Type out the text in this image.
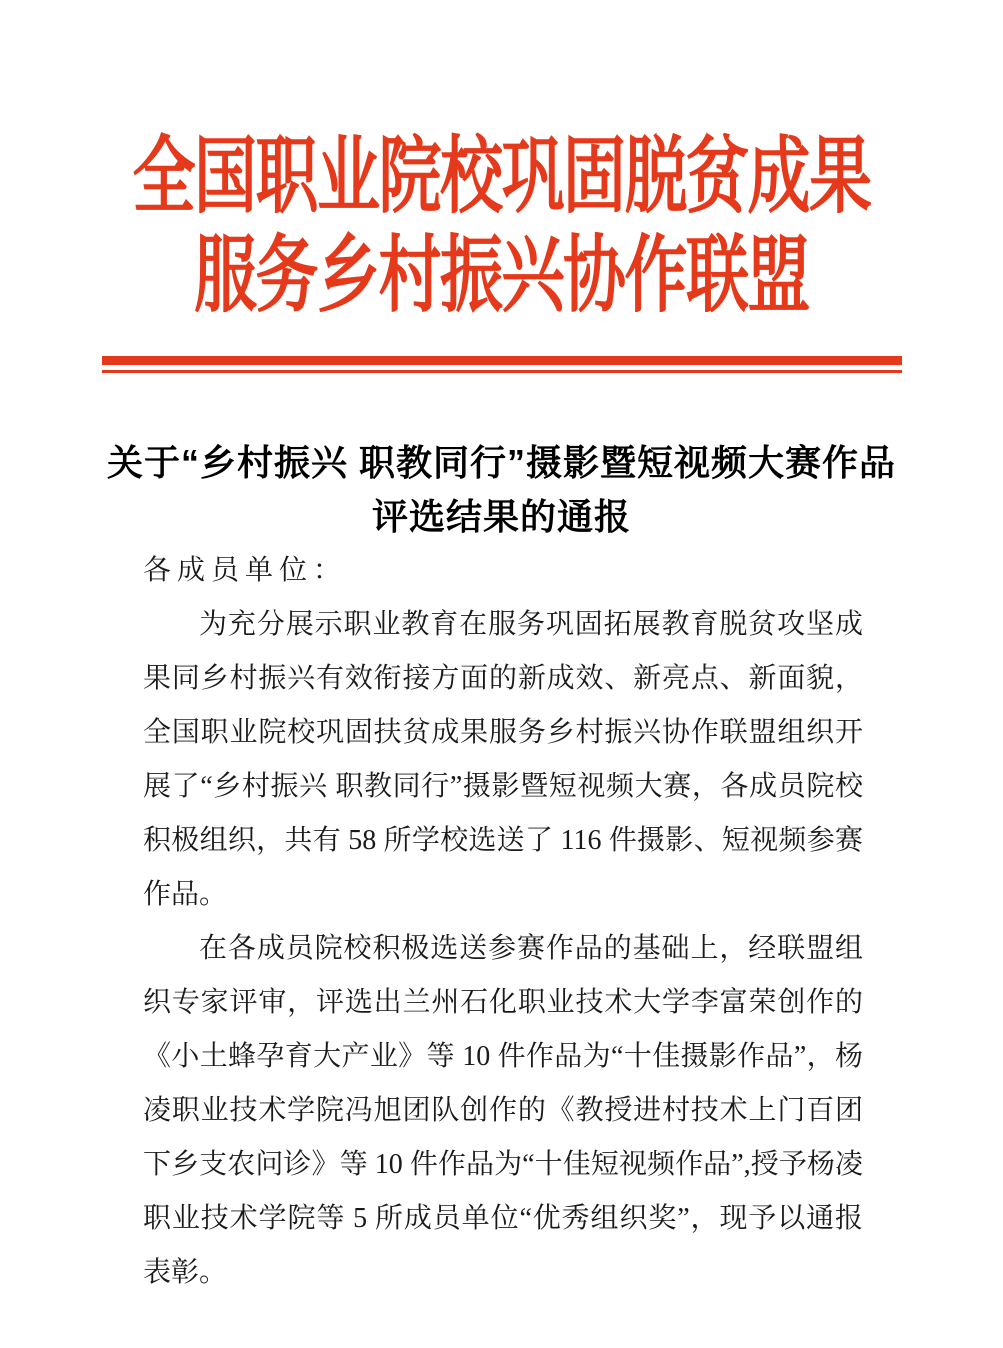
全国职业院校巩固脱贫成果
服务乡村振兴协作联盟
关于“乡村振兴 职教同行”摄影暨短视频大赛作品
评选结果的通报

各成员单位：

为充分展示职业教育在服务巩固拓展教育脱贫攻坚成果同乡村振兴有效衔接方面的新成效、新亮点、新面貌，全国职业院校巩固扶贫成果服务乡村振兴协作联盟组织开展了“乡村振兴 职教同行”摄影暨短视频大赛，各成员院校积极组织，共有 58 所学校选送了 116 件摄影、短视频参赛作品。

在各成员院校积极选送参赛作品的基础上，经联盟组织专家评审，评选出兰州石化职业技术大学李富荣创作的《小土蜂孕育大产业》等 10 件作品为“十佳摄影作品”，杨凌职业技术学院冯旭团队创作的《教授进村技术上门百团下乡支农问诊》等 10 件作品为“十佳短视频作品”,授予杨凌职业技术学院等 5 所成员单位“优秀组织奖”，现予以通报表彰。
